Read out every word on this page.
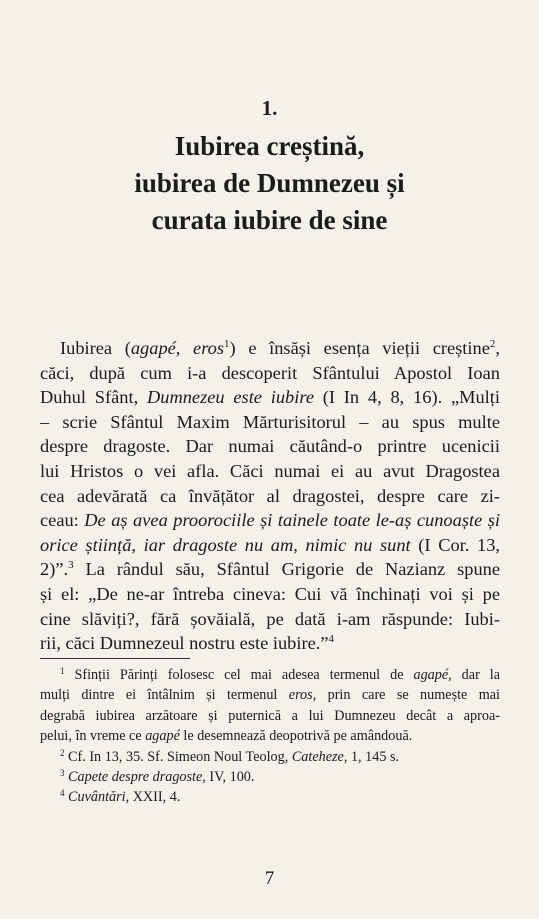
1.
Iubirea creștină,
iubirea de Dumnezeu și
curata iubire de sine
Iubirea (agapé, eros$^1$) e însăși esența vieții creștine$^2$,
căci, după cum i-a descoperit Sfântului Apostol Ioan
Duhul Sfânt, Dumnezeu este iubire (I In 4, 8, 16). „Mulți
– scrie Sfântul Maxim Mărturisitorul – au spus multe
despre dragoste. Dar numai căutând-o printre ucenicii
lui Hristos o vei afla. Căci numai ei au avut Dragostea
cea adevărată ca învățător al dragostei, despre care zi-
ceau: De aș avea proorociile și tainele toate le-aș cunoaște și
orice știință, iar dragoste nu am, nimic nu sunt (I Cor. 13,
2)”.$^3$ La rândul său, Sfântul Grigorie de Nazianz spune
și el: „De ne-ar întreba cineva: Cui vă închinați voi și pe
cine slăviți?, fără șovăială, pe dată i-am răspunde: Iubi-
rii, căci Dumnezeul nostru este iubire.”$^4$
$^1$ Sfinții Părinți folosesc cel mai adesea termenul de agapé, dar la
mulți dintre ei întâlnim și termenul eros, prin care se numește mai
degrabă iubirea arzătoare și puternică a lui Dumnezeu decât a aproa-
pelui, în vreme ce agapé le desemnează deopotrivă pe amândouă.
$^2$ Cf. In 13, 35. Sf. Simeon Noul Teolog, Cateheze, 1, 145 s.
$^3$ Capete despre dragoste, IV, 100.
$^4$ Cuvântări, XXII, 4.
7
